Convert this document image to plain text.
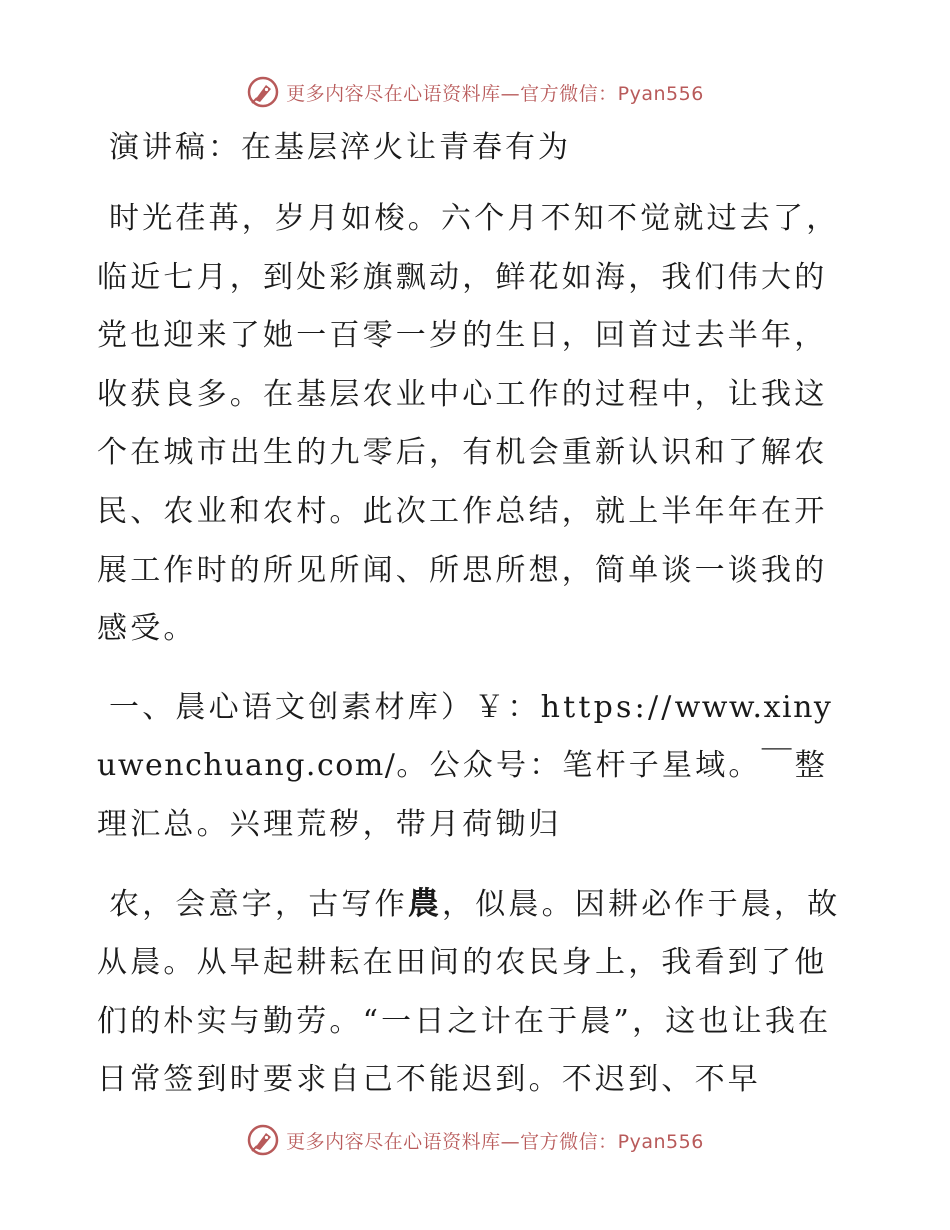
更多内容尽在心语资料库—官方微信：Pyan556
演讲稿：在基层淬火让青春有为

时光荏苒，岁月如梭。六个月不知不觉就过去了，临近七月，到处彩旗飘动，鲜花如海，我们伟大的党也迎来了她一百零一岁的生日，回首过去半年，收获良多。在基层农业中心工作的过程中，让我这个在城市出生的九零后，有机会重新认识和了解农民、农业和农村。此次工作总结，就上半年年在开展工作时的所见所闻、所思所想，简单谈一谈我的感受。

一、晨心语文创素材库）￥：https://www.xinyuwenchuang.com/。公众号：笔杆子星域。￣整理汇总。兴理荒秽，带月荷锄归

农，会意字，古写作農，似晨。因耕必作于晨，故从晨。从早起耕耘在田间的农民身上，我看到了他们的朴实与勤劳。“一日之计在于晨”，这也让我在日常签到时要求自己不能迟到。不迟到、不早

更多内容尽在心语资料库—官方微信：Pyan556
